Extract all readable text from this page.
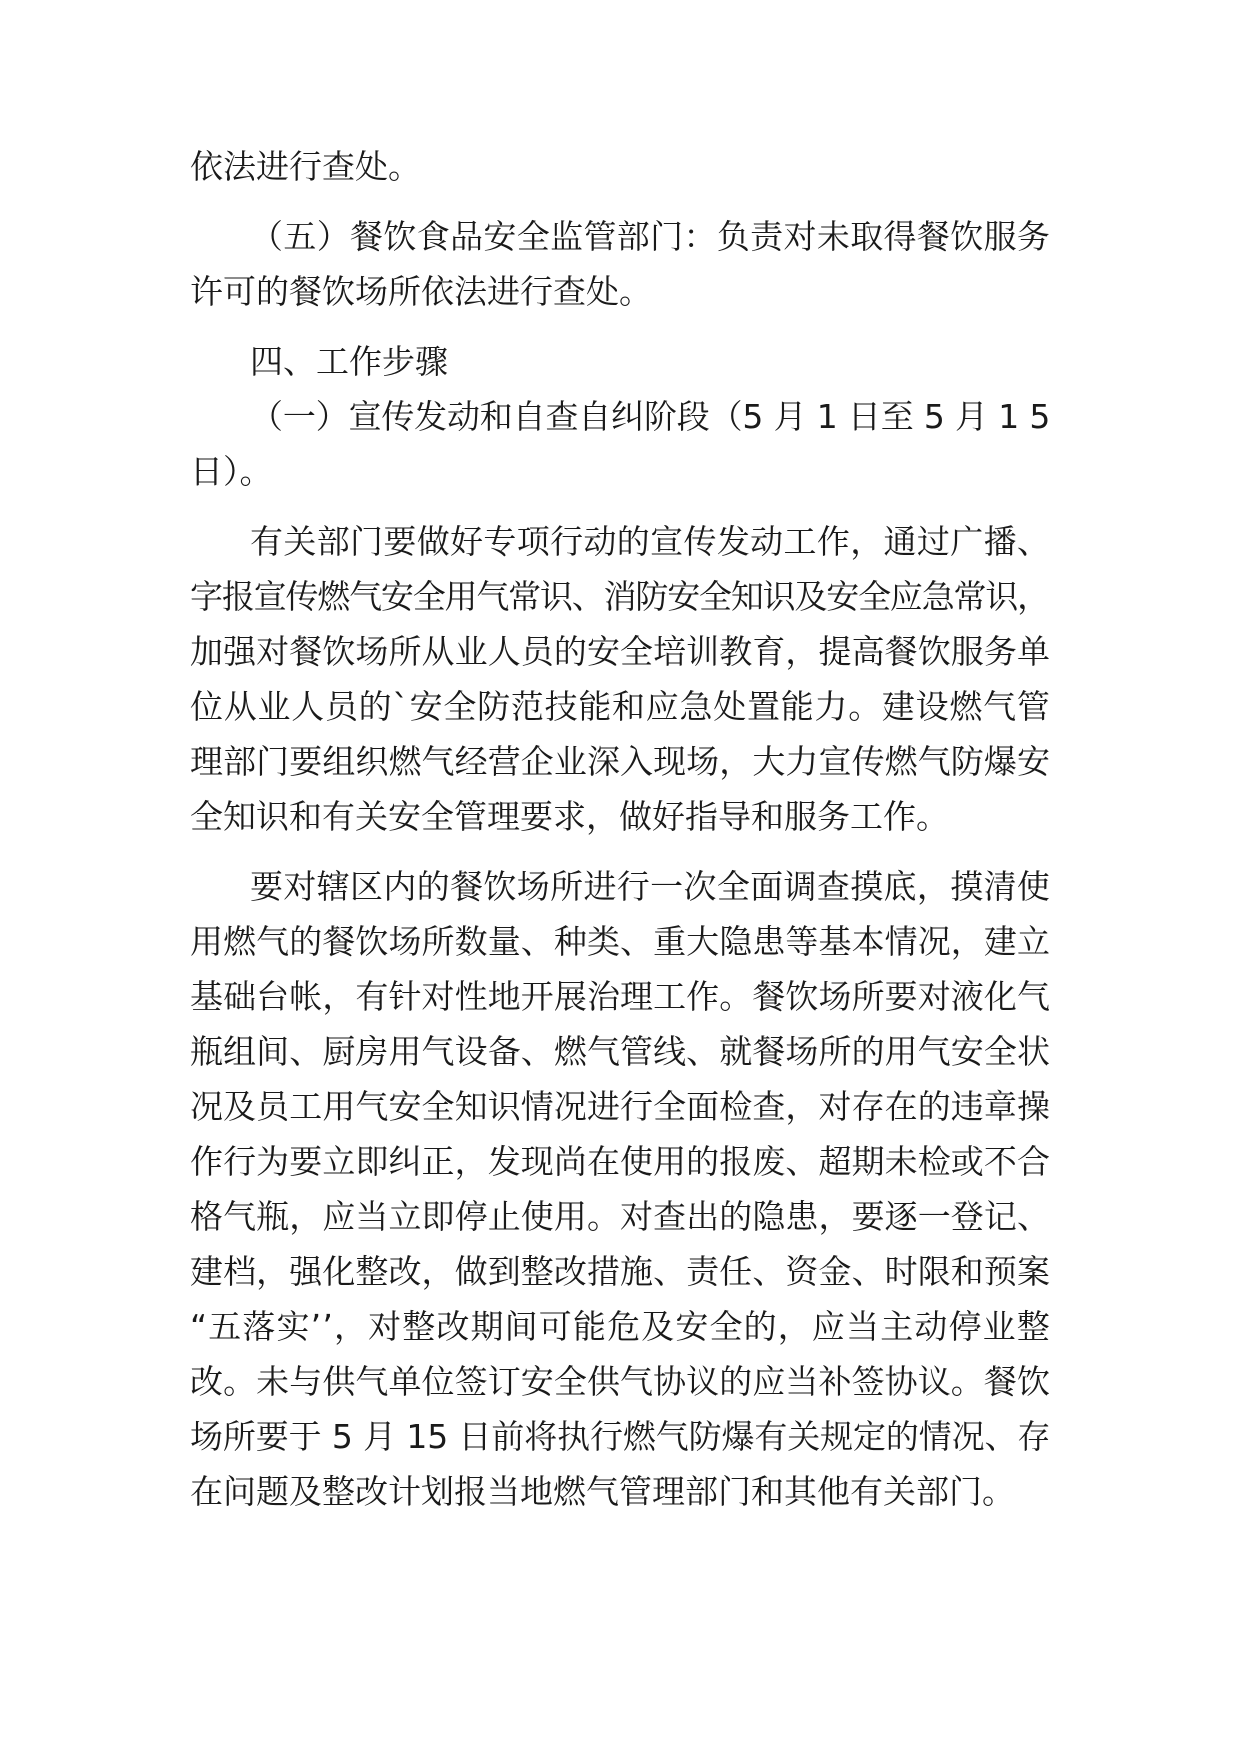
依法进行查处。
（五）餐饮食品安全监管部门：负责对未取得餐饮服务
许可的餐饮场所依法进行查处。
四、工作步骤
（一）宣传发动和自查自纠阶段（5 月 1 日至 5 月 1 5
日）。
有关部门要做好专项行动的宣传发动工作，通过广播、
字报宣传燃气安全用气常识、消防安全知识及安全应急常识，
加强对餐饮场所从业人员的安全培训教育，提高餐饮服务单
位从业人员的`安全防范技能和应急处置能力。建设燃气管
理部门要组织燃气经营企业深入现场，大力宣传燃气防爆安
全知识和有关安全管理要求，做好指导和服务工作。
要对辖区内的餐饮场所进行一次全面调查摸底，摸清使
用燃气的餐饮场所数量、种类、重大隐患等基本情况，建立
基础台帐，有针对性地开展治理工作。餐饮场所要对液化气
瓶组间、厨房用气设备、燃气管线、就餐场所的用气安全状
况及员工用气安全知识情况进行全面检查，对存在的违章操
作行为要立即纠正，发现尚在使用的报废、超期未检或不合
格气瓶，应当立即停止使用。对查出的隐患，要逐一登记、
建档，强化整改，做到整改措施、责任、资金、时限和预案
“五落实’’，对整改期间可能危及安全的，应当主动停业整
改。未与供气单位签订安全供气协议的应当补签协议。餐饮
场所要于 5 月 15 日前将执行燃气防爆有关规定的情况、存
在问题及整改计划报当地燃气管理部门和其他有关部门。
